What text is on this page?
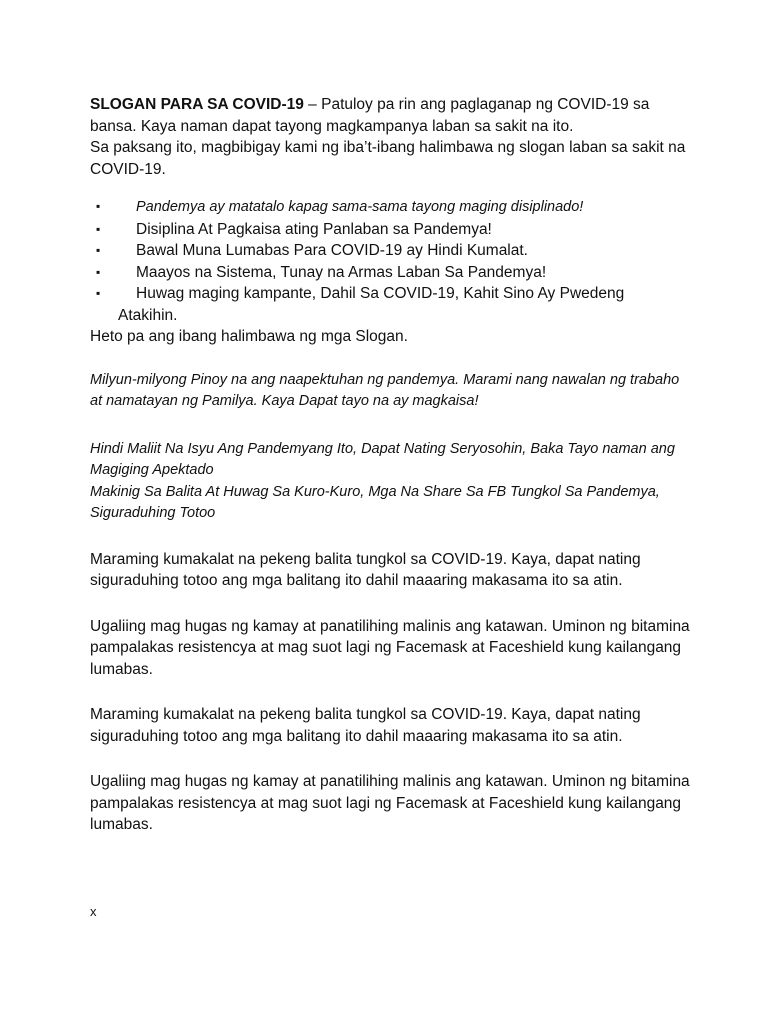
SLOGAN PARA SA COVID-19 – Patuloy pa rin ang paglaganap ng COVID-19 sa bansa. Kaya naman dapat tayong magkampanya laban sa sakit na ito.

Sa paksang ito, magbibigay kami ng iba’t-ibang halimbawa ng slogan laban sa sakit na COVID-19.

▪ Pandemya ay matatalo kapag sama-sama tayong maging disiplinado!
▪ Disiplina At Pagkaisa ating Panlaban sa Pandemya!
▪ Bawal Muna Lumabas Para COVID-19 ay Hindi Kumalat.
▪ Maayos na Sistema, Tunay na Armas Laban Sa Pandemya!
▪ Huwag maging kampante, Dahil Sa COVID-19, Kahit Sino Ay Pwedeng
Atakihin.

Heto pa ang ibang halimbawa ng mga Slogan.

Milyun-milyong Pinoy na ang naapektuhan ng pandemya. Marami nang nawalan ng trabaho at namatayan ng Pamilya. Kaya Dapat tayo na ay magkaisa!

Hindi Maliit Na Isyu Ang Pandemyang Ito, Dapat Nating Seryosohin, Baka Tayo naman ang Magiging Apektado

Makinig Sa Balita At Huwag Sa Kuro-Kuro, Mga Na Share Sa FB Tungkol Sa Pandemya, Siguraduhing Totoo

Maraming kumakalat na pekeng balita tungkol sa COVID-19. Kaya, dapat nating siguraduhing totoo ang mga balitang ito dahil maaaring makasama ito sa atin.

Ugaliing mag hugas ng kamay at panatilihing malinis ang katawan. Uminon ng bitamina pampalakas resistencya at mag suot lagi ng Facemask at Faceshield kung kailangang lumabas.

Maraming kumakalat na pekeng balita tungkol sa COVID-19. Kaya, dapat nating siguraduhing totoo ang mga balitang ito dahil maaaring makasama ito sa atin.

Ugaliing mag hugas ng kamay at panatilihing malinis ang katawan. Uminon ng bitamina pampalakas resistencya at mag suot lagi ng Facemask at Faceshield kung kailangang lumabas.

x
